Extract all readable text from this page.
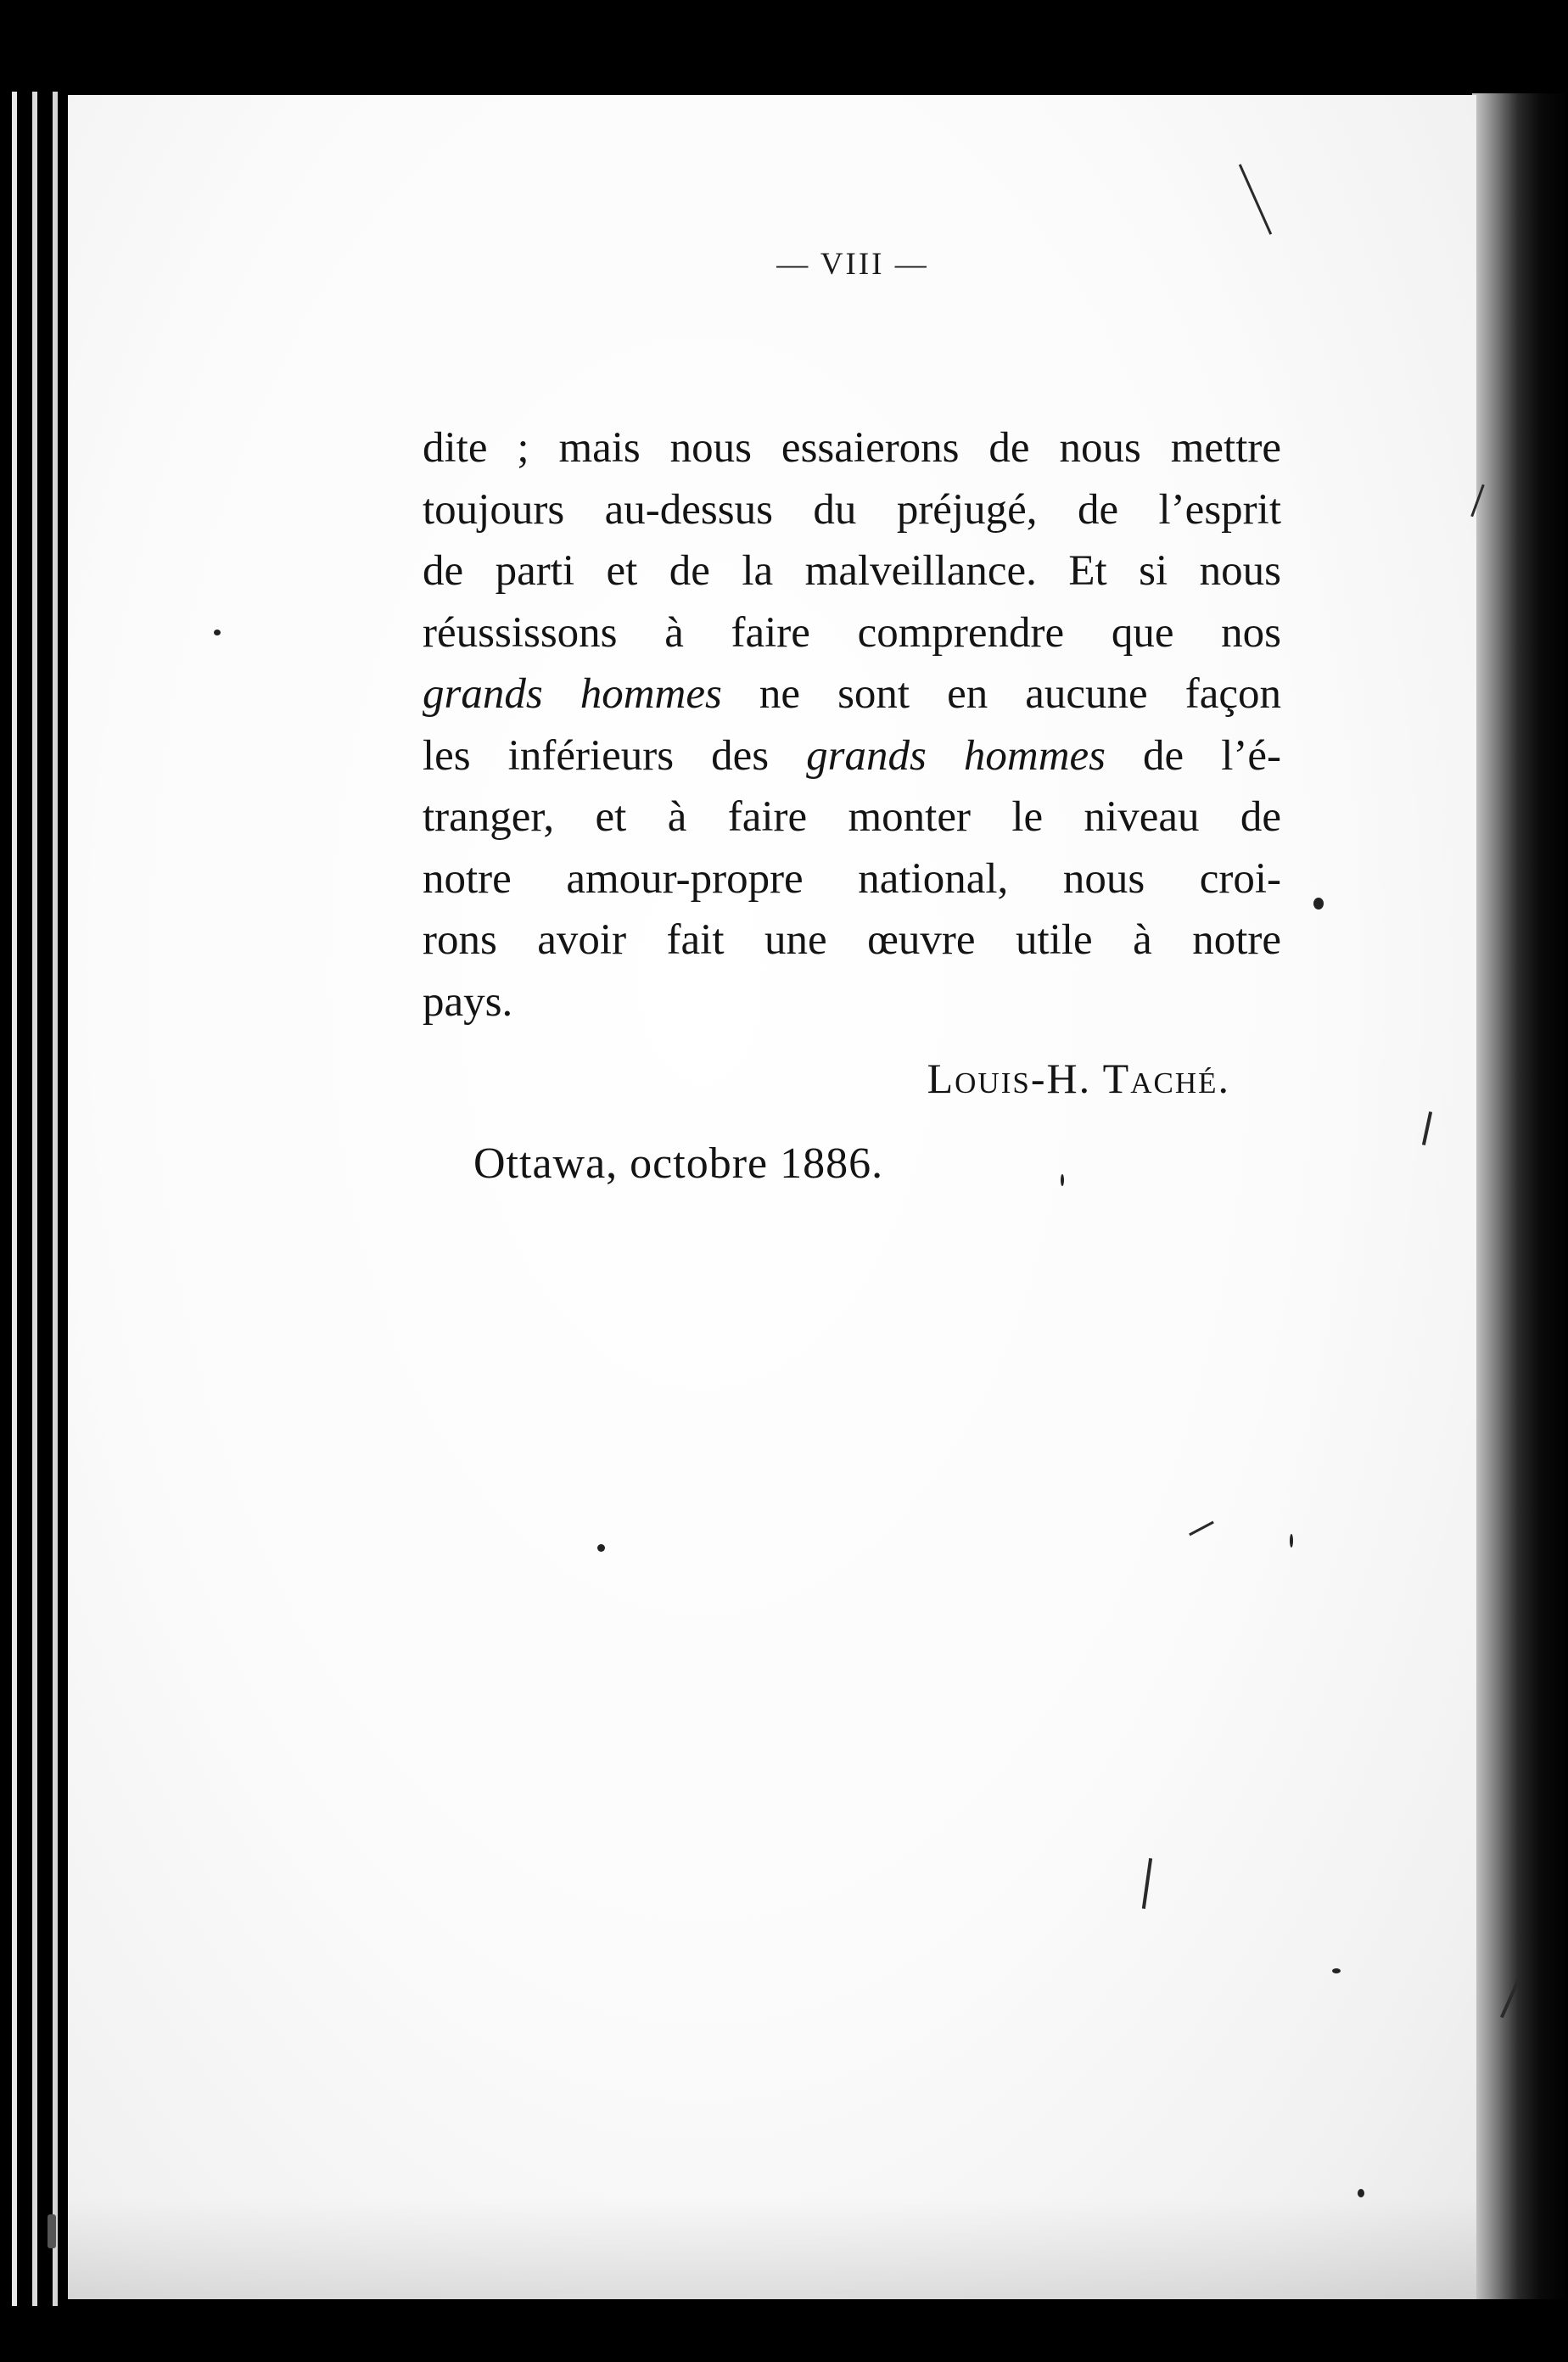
— VIII —
dite ; mais nous essaierons de nous mettre
toujours au-dessus du préjugé, de l’esprit
de parti et de la malveillance. Et si nous
réussissons à faire comprendre que nos
grands hommes ne sont en aucune façon
les inférieurs des grands hommes de l’é-
tranger, et à faire monter le niveau de
notre amour-propre national, nous croi-
rons avoir fait une œuvre utile à notre
pays.
Louis-H. Taché.
Ottawa, octobre 1886.
